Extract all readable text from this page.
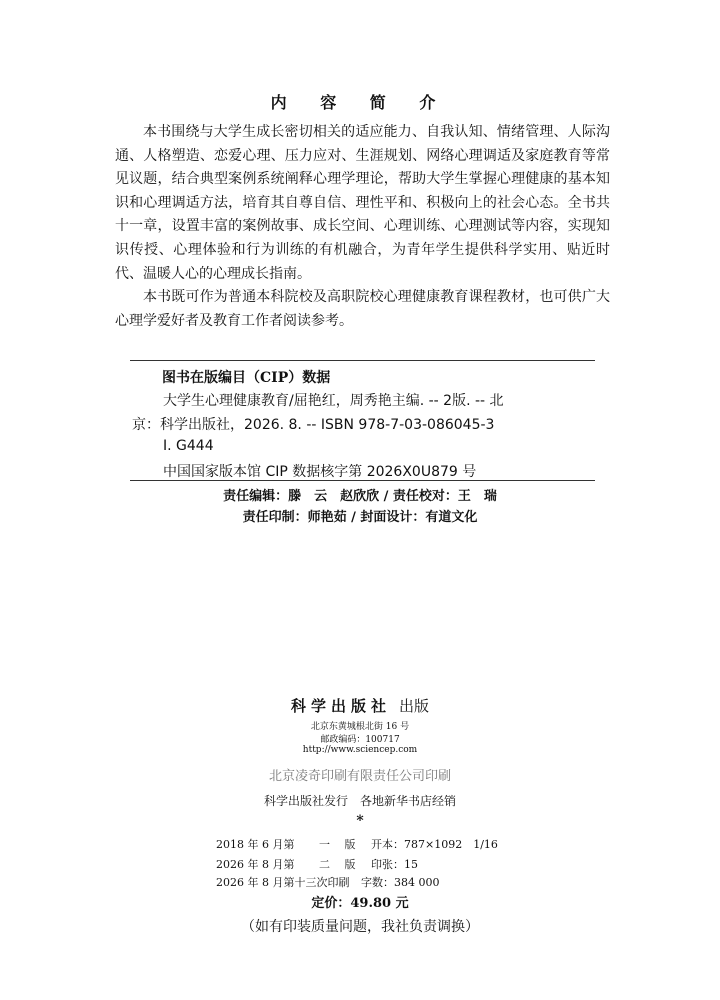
内 容 简 介

本书围绕与大学生成长密切相关的适应能力、自我认知、情绪管理、人际沟通、人格塑造、恋爱心理、压力应对、生涯规划、网络心理调适及家庭教育等常见议题，结合典型案例系统阐释心理学理论，帮助大学生掌握心理健康的基本知识和心理调适方法，培育其自尊自信、理性平和、积极向上的社会心态。全书共十一章，设置丰富的案例故事、成长空间、心理训练、心理测试等内容，实现知识传授、心理体验和行为训练的有机融合，为青年学生提供科学实用、贴近时代、温暖人心的心理成长指南。

本书既可作为普通本科院校及高职院校心理健康教育课程教材，也可供广大心理学爱好者及教育工作者阅读参考。

图书在版编目（CIP）数据
大学生心理健康教育/屈艳红，周秀艳主编. -- 2版. -- 北
京：科学出版社，2026. 8. -- ISBN 978-7-03-086045-3
Ⅰ. G444
中国国家版本馆 CIP 数据核字第 2026X0U879 号
责任编辑：滕　云　赵欣欣 / 责任校对：王　瑞
责任印制：师艳茹 / 封面设计：有道文化
科学出版社 出版
北京东黄城根北街 16 号
邮政编码：100717
http://www.sciencep.com
北京凌奇印刷有限责任公司印刷
科学出版社发行　各地新华书店经销
*
2018 年 6 月第 一　 版 开本：787×1092　1/16
2026 年 8 月第 二　 版 印张：15
2026 年 8 月第十三次印刷 字数：384 000
定价：49.80 元
（如有印装质量问题，我社负责调换）
